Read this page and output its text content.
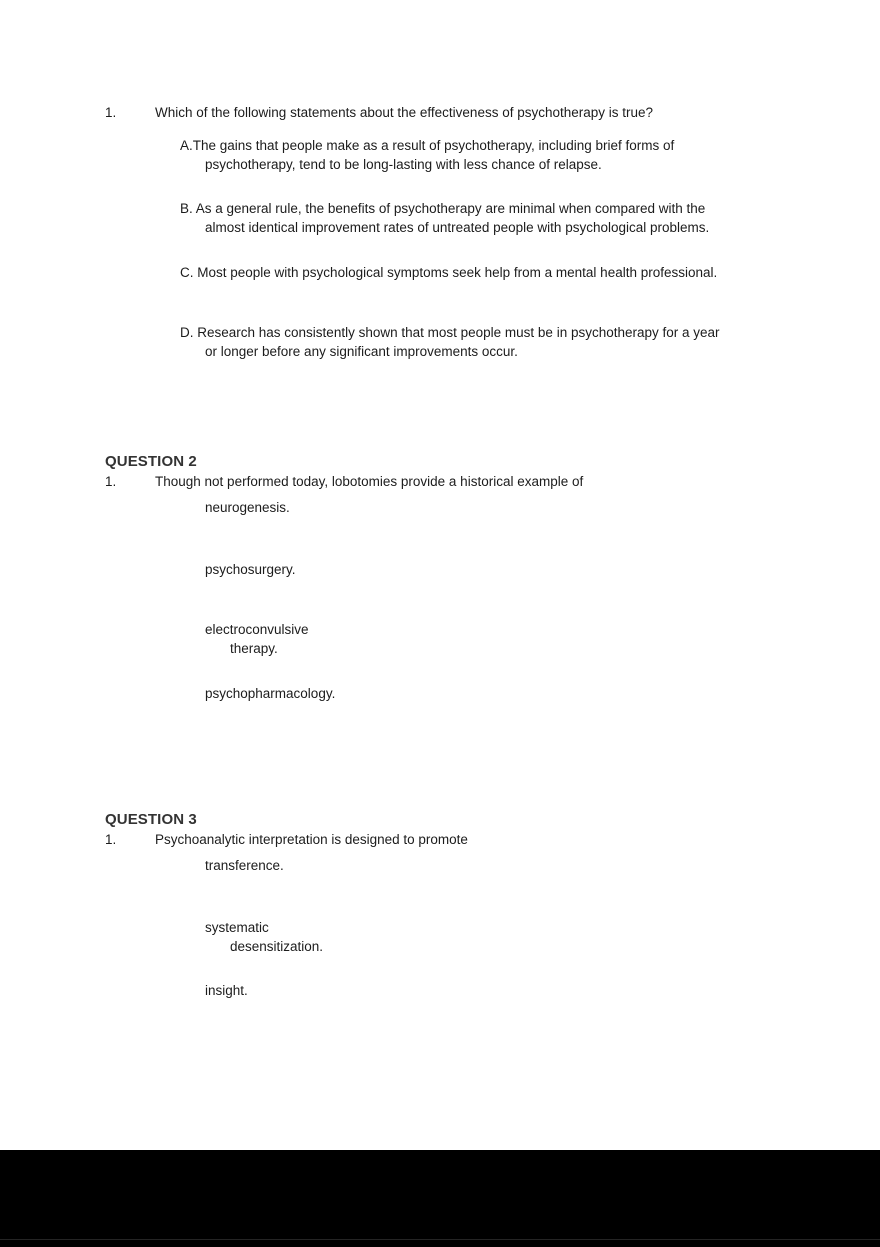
1.	Which of the following statements about the effectiveness of psychotherapy is true?
A.The gains that people make as a result of psychotherapy, including brief forms of
psychotherapy, tend to be long-lasting with less chance of relapse.
B. As a general rule, the benefits of psychotherapy are minimal when compared with the
almost identical improvement rates of untreated people with psychological problems.
C. Most people with psychological symptoms seek help from a mental health professional.
D. Research has consistently shown that most people must be in psychotherapy for a year
or longer before any significant improvements occur.
QUESTION 2
1.	Though not performed today, lobotomies provide a historical example of
neurogenesis.
psychosurgery.
electroconvulsive
therapy.
psychopharmacology.
QUESTION 3
1.	Psychoanalytic interpretation is designed to promote
transference.
systematic
desensitization.
insight.
